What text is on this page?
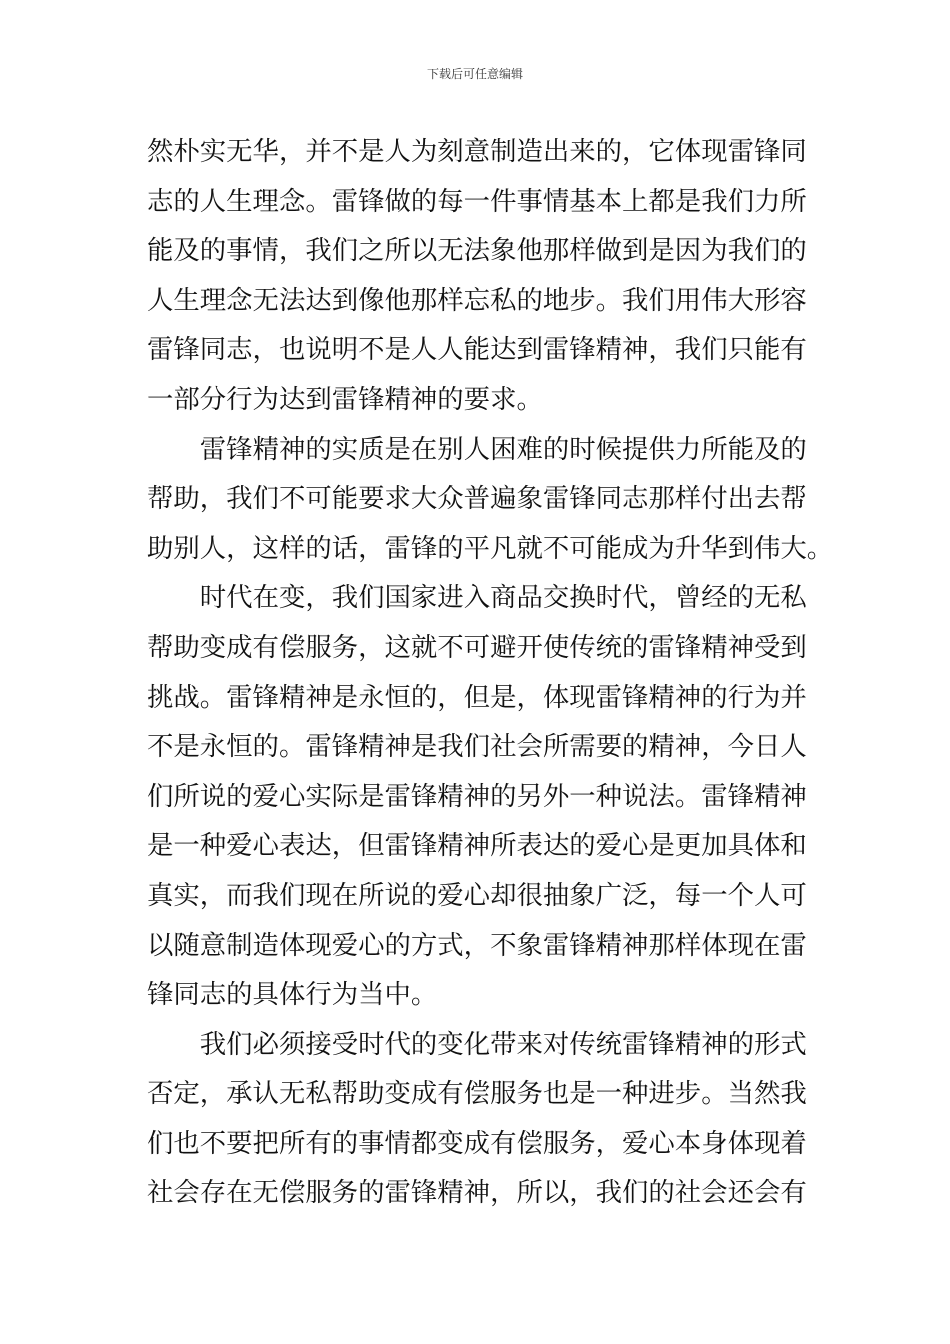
下载后可任意编辑
然朴实无华，并不是人为刻意制造出来的，它体现雷锋同
志的人生理念。雷锋做的每一件事情基本上都是我们力所
能及的事情，我们之所以无法象他那样做到是因为我们的
人生理念无法达到像他那样忘私的地步。我们用伟大形容
雷锋同志，也说明不是人人能达到雷锋精神，我们只能有
一部分行为达到雷锋精神的要求。
雷锋精神的实质是在别人困难的时候提供力所能及的
帮助，我们不可能要求大众普遍象雷锋同志那样付出去帮
助别人，这样的话，雷锋的平凡就不可能成为升华到伟大。
时代在变，我们国家进入商品交换时代，曾经的无私
帮助变成有偿服务，这就不可避开使传统的雷锋精神受到
挑战。雷锋精神是永恒的，但是，体现雷锋精神的行为并
不是永恒的。雷锋精神是我们社会所需要的精神，今日人
们所说的爱心实际是雷锋精神的另外一种说法。雷锋精神
是一种爱心表达，但雷锋精神所表达的爱心是更加具体和
真实，而我们现在所说的爱心却很抽象广泛，每一个人可
以随意制造体现爱心的方式，不象雷锋精神那样体现在雷
锋同志的具体行为当中。
我们必须接受时代的变化带来对传统雷锋精神的形式
否定，承认无私帮助变成有偿服务也是一种进步。当然我
们也不要把所有的事情都变成有偿服务，爱心本身体现着
社会存在无偿服务的雷锋精神，所以，我们的社会还会有
